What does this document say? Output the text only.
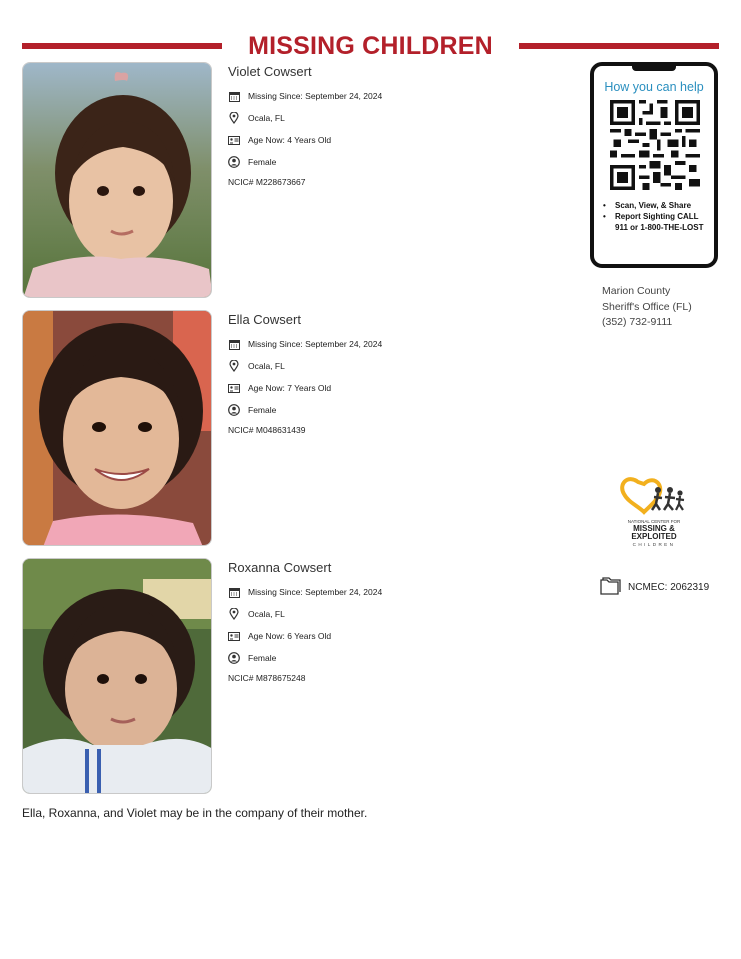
MISSING CHILDREN
Violet Cowsert
Missing Since: September 24, 2024
Ocala, FL
Age Now: 4 Years Old
Female
NCIC# M228673667
Ella Cowsert
Missing Since: September 24, 2024
Ocala, FL
Age Now: 7 Years Old
Female
NCIC# M048631439
Roxanna Cowsert
Missing Since: September 24, 2024
Ocala, FL
Age Now: 6 Years Old
Female
NCIC# M878675248
How you can help
• Scan, View, & Share
• Report Sighting CALL 911 or 1-800-THE-LOST
Marion County
Sheriff's Office (FL)
(352) 732-9111
NATIONAL CENTER FOR
MISSING &
EXPLOITED
CHILDREN
NCMEC: 2062319
Ella, Roxanna, and Violet may be in the company of their mother.
